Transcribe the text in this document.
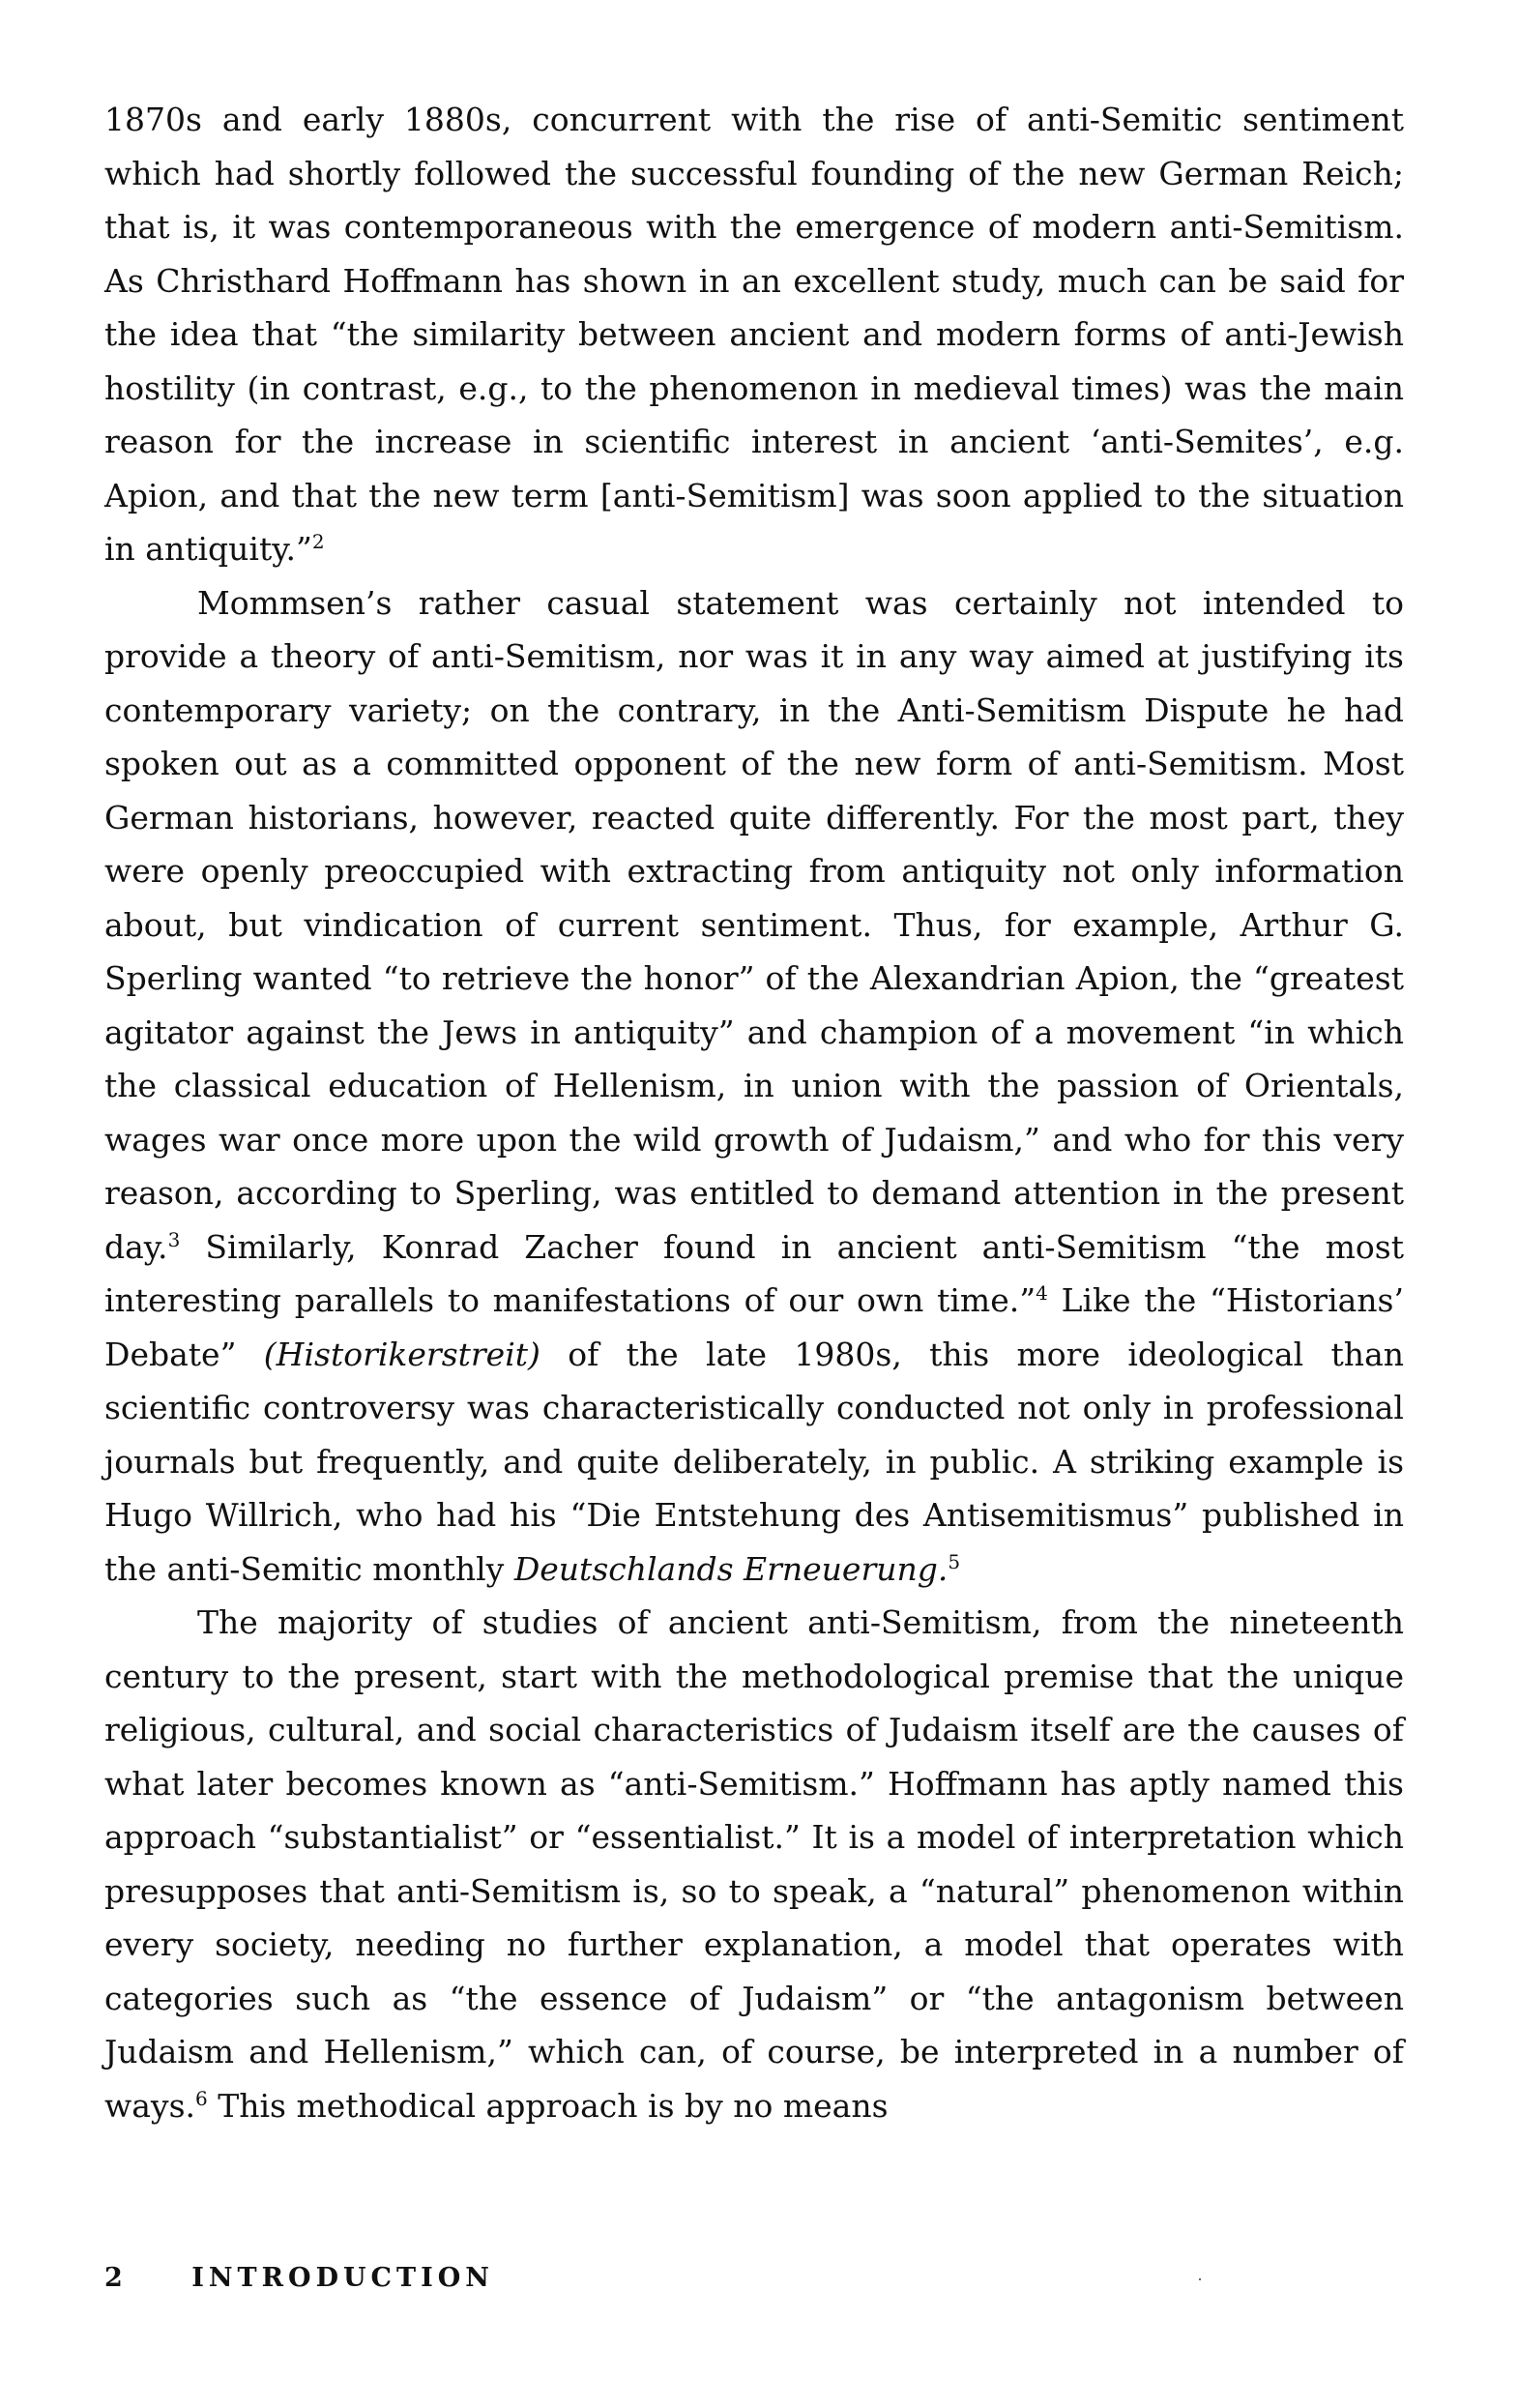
1870s and early 1880s, concurrent with the rise of anti-Semitic sentiment which had shortly followed the successful founding of the new German Reich; that is, it was contemporaneous with the emergence of modern anti-Semitism. As Christhard Hoffmann has shown in an excellent study, much can be said for the idea that “the similarity between ancient and modern forms of anti-Jewish hostility (in contrast, e.g., to the phenomenon in medieval times) was the main reason for the increase in scientific interest in ancient ‘anti-Semites’, e.g. Apion, and that the new term [anti-Semitism] was soon applied to the situation in antiquity.”$^2$

Mommsen’s rather casual statement was certainly not intended to provide a theory of anti-Semitism, nor was it in any way aimed at justifying its contemporary variety; on the contrary, in the Anti-Semitism Dispute he had spoken out as a committed opponent of the new form of anti-Semitism. Most German historians, however, reacted quite differently. For the most part, they were openly preoccupied with extracting from antiquity not only information about, but vindication of current sentiment. Thus, for example, Arthur G. Sperling wanted “to retrieve the honor” of the Alexandrian Apion, the “greatest agitator against the Jews in antiquity” and champion of a movement “in which the classical education of Hellenism, in union with the passion of Orientals, wages war once more upon the wild growth of Judaism,” and who for this very reason, according to Sperling, was entitled to demand attention in the present day.$^3$ Similarly, Konrad Zacher found in ancient anti-Semitism “the most interesting parallels to manifestations of our own time.”$^4$ Like the “Historians’ Debate” (Historikerstreit) of the late 1980s, this more ideological than scientific controversy was characteristically conducted not only in professional journals but frequently, and quite deliberately, in public. A striking example is Hugo Willrich, who had his “Die Entstehung des Antisemitismus” published in the anti-Semitic monthly Deutschlands Erneuerung.$^5$

The majority of studies of ancient anti-Semitism, from the nineteenth century to the present, start with the methodological premise that the unique religious, cultural, and social characteristics of Judaism itself are the causes of what later becomes known as “anti-Semitism.” Hoffmann has aptly named this approach “substantialist” or “essentialist.” It is a model of interpretation which presupposes that anti-Semitism is, so to speak, a “natural” phenomenon within every society, needing no further explanation, a model that operates with categories such as “the essence of Judaism” or “the antagonism between Judaism and Hellenism,” which can, of course, be interpreted in a number of ways.$^6$ This methodical approach is by no means

2 INTRODUCTION
